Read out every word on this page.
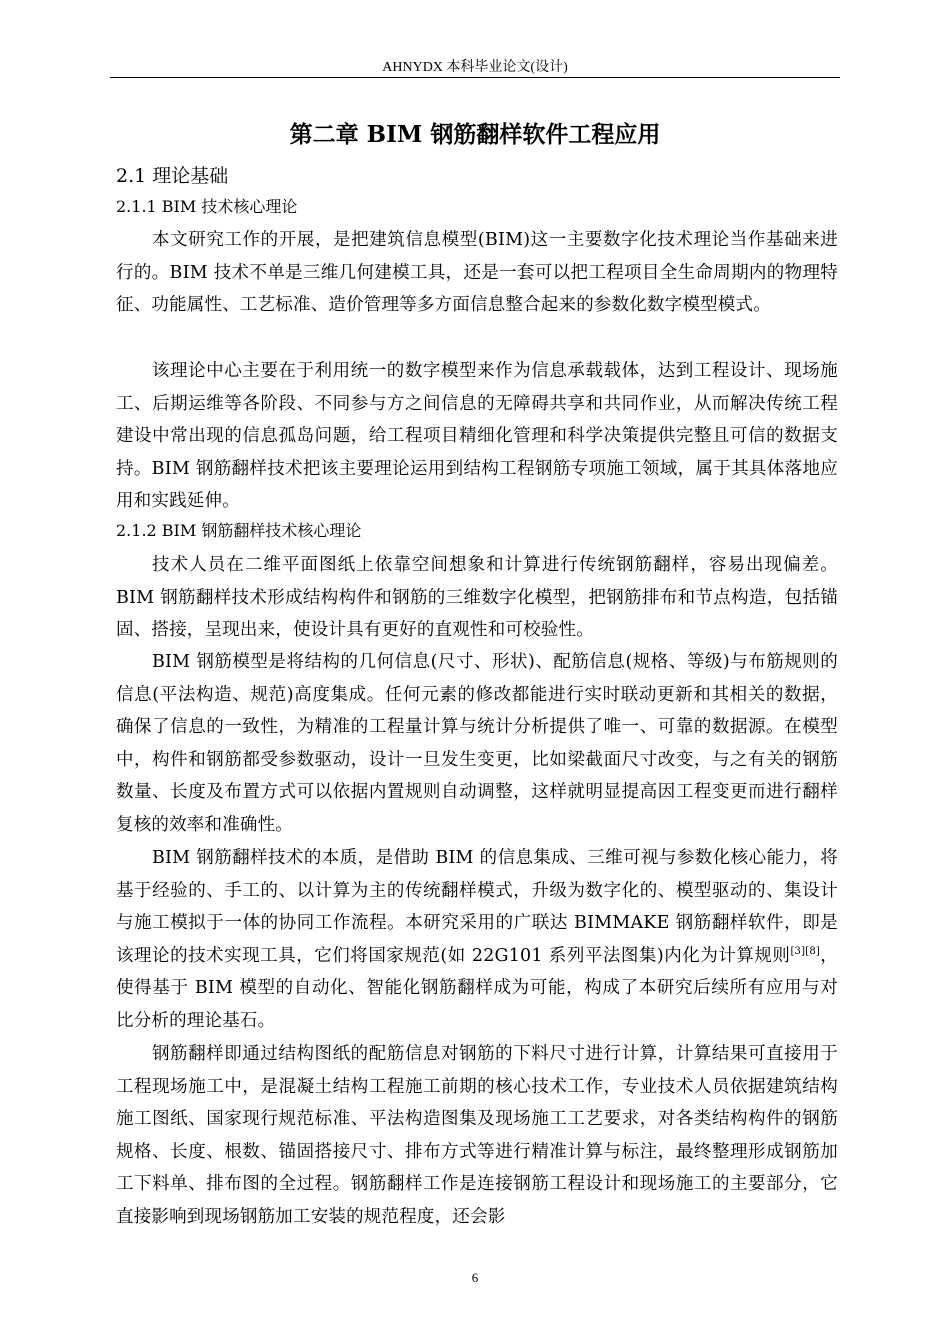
AHNYDX 本科毕业论文(设计)
第二章 BIM 钢筋翻样软件工程应用
2.1 理论基础
2.1.1 BIM 技术核心理论

本文研究工作的开展，是把建筑信息模型(BIM)这一主要数字化技术理论当作基础来进行的。BIM 技术不单是三维几何建模工具，还是一套可以把工程项目全生命周期内的物理特征、功能属性、工艺标准、造价管理等多方面信息整合起来的参数化数字模型模式。

该理论中心主要在于利用统一的数字模型来作为信息承载载体，达到工程设计、现场施工、后期运维等各阶段、不同参与方之间信息的无障碍共享和共同作业，从而解决传统工程建设中常出现的信息孤岛问题，给工程项目精细化管理和科学决策提供完整且可信的数据支持。BIM 钢筋翻样技术把该主要理论运用到结构工程钢筋专项施工领域，属于其具体落地应用和实践延伸。

2.1.2 BIM 钢筋翻样技术核心理论

技术人员在二维平面图纸上依靠空间想象和计算进行传统钢筋翻样，容易出现偏差。BIM 钢筋翻样技术形成结构构件和钢筋的三维数字化模型，把钢筋排布和节点构造，包括锚固、搭接，呈现出来，使设计具有更好的直观性和可校验性。

BIM 钢筋模型是将结构的几何信息(尺寸、形状)、配筋信息(规格、等级)与布筋规则的信息(平法构造、规范)高度集成。任何元素的修改都能进行实时联动更新和其相关的数据，确保了信息的一致性，为精准的工程量计算与统计分析提供了唯一、可靠的数据源。在模型中，构件和钢筋都受参数驱动，设计一旦发生变更，比如梁截面尺寸改变，与之有关的钢筋数量、长度及布置方式可以依据内置规则自动调整，这样就明显提高因工程变更而进行翻样复核的效率和准确性。

BIM 钢筋翻样技术的本质，是借助 BIM 的信息集成、三维可视与参数化核心能力，将基于经验的、手工的、以计算为主的传统翻样模式，升级为数字化的、模型驱动的、集设计与施工模拟于一体的协同工作流程。本研究采用的广联达 BIMMAKE 钢筋翻样软件，即是该理论的技术实现工具，它们将国家规范(如 22G101 系列平法图集)内化为计算规则[3][8]，使得基于 BIM 模型的自动化、智能化钢筋翻样成为可能，构成了本研究后续所有应用与对比分析的理论基石。

钢筋翻样即通过结构图纸的配筋信息对钢筋的下料尺寸进行计算，计算结果可直接用于工程现场施工中，是混凝土结构工程施工前期的核心技术工作，专业技术人员依据建筑结构施工图纸、国家现行规范标准、平法构造图集及现场施工工艺要求，对各类结构构件的钢筋规格、长度、根数、锚固搭接尺寸、排布方式等进行精准计算与标注，最终整理形成钢筋加工下料单、排布图的全过程。钢筋翻样工作是连接钢筋工程设计和现场施工的主要部分，它直接影响到现场钢筋加工安装的规范程度，还会影

6
